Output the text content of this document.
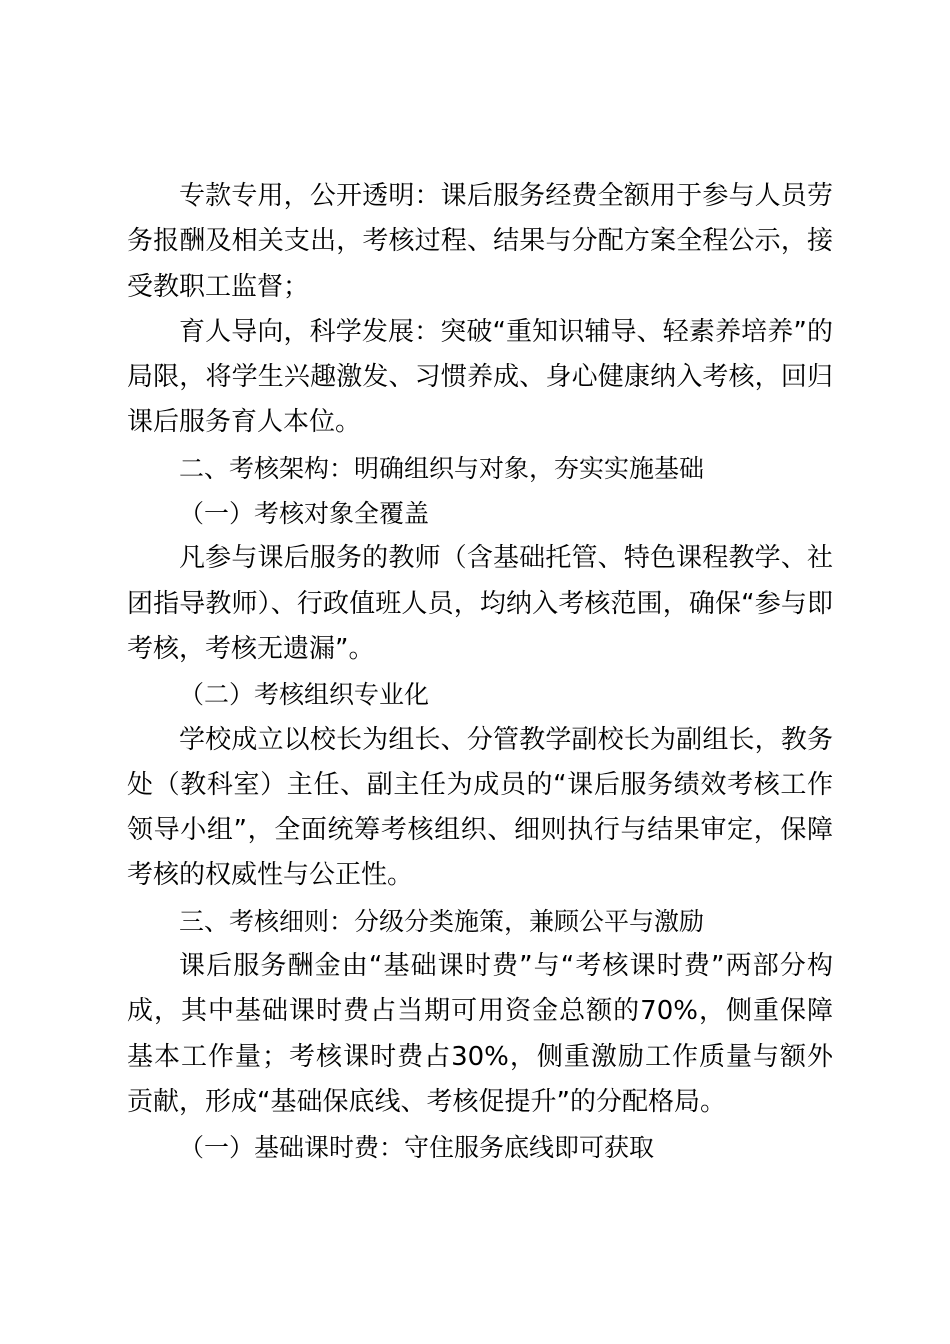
专款专用，公开透明：课后服务经费全额用于参与人员劳务报酬及相关支出，考核过程、结果与分配方案全程公示，接受教职工监督；

育人导向，科学发展：突破“重知识辅导、轻素养培养”的局限，将学生兴趣激发、习惯养成、身心健康纳入考核，回归课后服务育人本位。

二、考核架构：明确组织与对象，夯实实施基础

（一）考核对象全覆盖

凡参与课后服务的教师（含基础托管、特色课程教学、社团指导教师）、行政值班人员，均纳入考核范围，确保“参与即考核，考核无遗漏”。

（二）考核组织专业化

学校成立以校长为组长、分管教学副校长为副组长，教务处（教科室）主任、副主任为成员的“课后服务绩效考核工作领导小组”，全面统筹考核组织、细则执行与结果审定，保障考核的权威性与公正性。

三、考核细则：分级分类施策，兼顾公平与激励

课后服务酬金由“基础课时费”与“考核课时费”两部分构成，其中基础课时费占当期可用资金总额的70%，侧重保障基本工作量；考核课时费占30%，侧重激励工作质量与额外贡献，形成“基础保底线、考核促提升”的分配格局。

（一）基础课时费：守住服务底线即可获取
